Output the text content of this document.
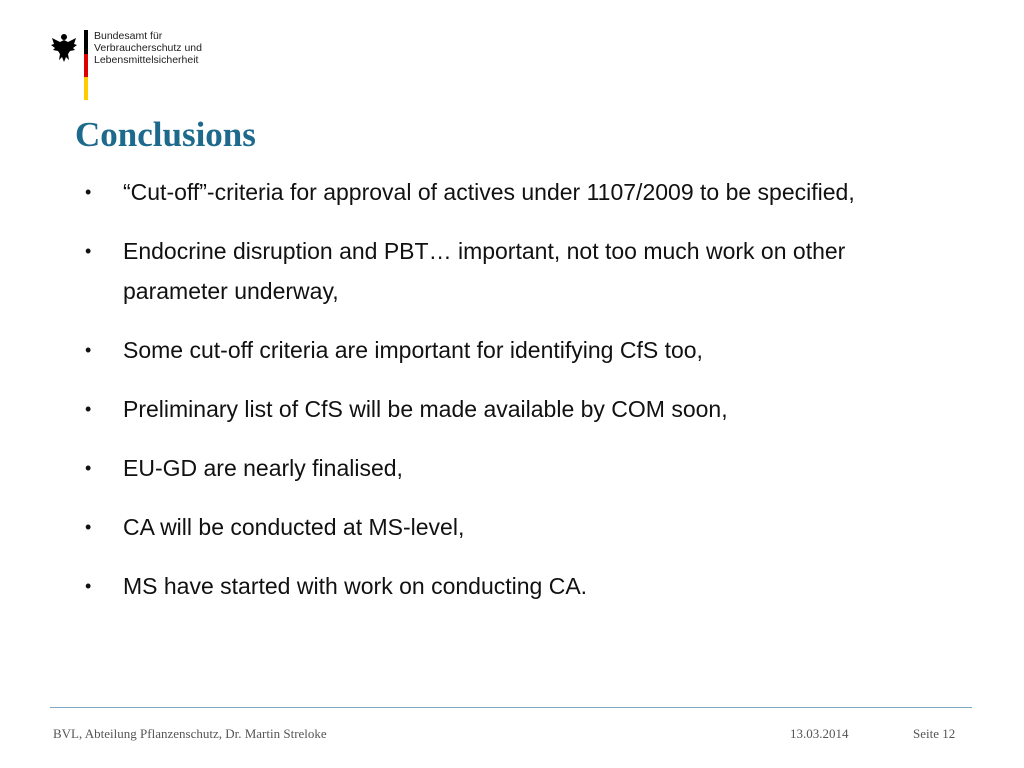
Bundesamt für
Verbraucherschutz und
Lebensmittelsicherheit
Conclusions
• “Cut-off”-criteria for approval of actives under 1107/2009 to be specified,
• Endocrine disruption and PBT… important, not too much work on other parameter underway,
• Some cut-off criteria are important for identifying CfS too,
• Preliminary list of CfS will be made available by COM soon,
• EU-GD are nearly finalised,
• CA will be conducted at MS-level,
• MS have started with work on conducting CA.
BVL, Abteilung Pflanzenschutz, Dr. Martin Streloke	13.03.2014	Seite 12
